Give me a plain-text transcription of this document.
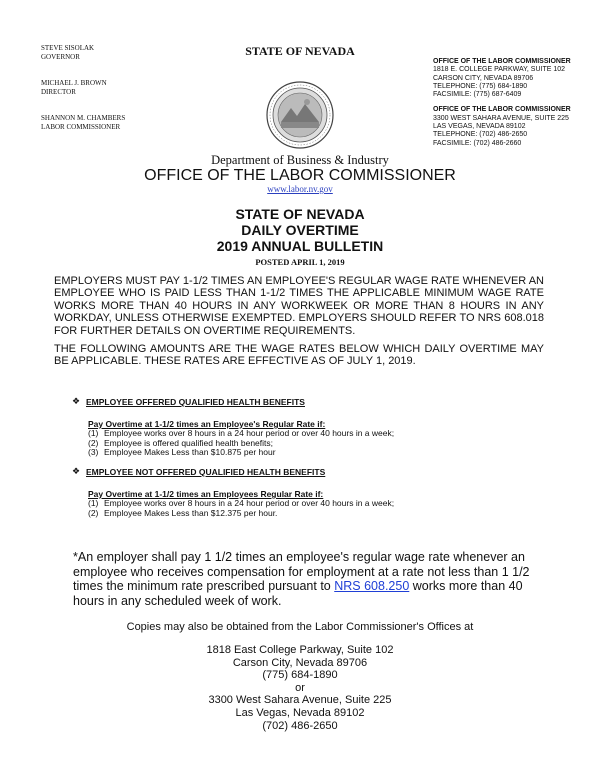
STEVE SISOLAK
GOVERNOR
MICHAEL J. BROWN
DIRECTOR
SHANNON M. CHAMBERS
LABOR COMMISSIONER
STATE OF NEVADA
OFFICE OF THE LABOR COMMISSIONER
1818 E. COLLEGE PARKWAY, SUITE 102
CARSON CITY, NEVADA 89706
TELEPHONE: (775) 684-1890
FACSIMILE: (775) 687-6409
OFFICE OF THE LABOR COMMISSIONER
3300 WEST SAHARA AVENUE, SUITE 225
LAS VEGAS, NEVADA 89102
TELEPHONE: (702) 486-2650
FACSIMILE: (702) 486-2660
Department of Business & Industry
OFFICE OF THE LABOR COMMISSIONER
www.labor.nv.gov
STATE OF NEVADA
DAILY OVERTIME
2019 ANNUAL BULLETIN
POSTED APRIL 1, 2019
EMPLOYERS MUST PAY 1-1/2 TIMES AN EMPLOYEE'S REGULAR WAGE RATE WHENEVER AN EMPLOYEE WHO IS PAID LESS THAN 1-1/2 TIMES THE APPLICABLE MINIMUM WAGE RATE WORKS MORE THAN 40 HOURS IN ANY WORKWEEK OR MORE THAN 8 HOURS IN ANY WORKDAY, UNLESS OTHERWISE EXEMPTED. EMPLOYERS SHOULD REFER TO NRS 608.018 FOR FURTHER DETAILS ON OVERTIME REQUIREMENTS.
THE FOLLOWING AMOUNTS ARE THE WAGE RATES BELOW WHICH DAILY OVERTIME MAY BE APPLICABLE. THESE RATES ARE EFFECTIVE AS OF JULY 1, 2019.
❖ EMPLOYEE OFFERED QUALIFIED HEALTH BENEFITS
Pay Overtime at 1-1/2 times an Employee's Regular Rate if:
(1) Employee works over 8 hours in a 24 hour period or over 40 hours in a week;
(2) Employee is offered qualified health benefits;
(3) Employee Makes Less than $10.875 per hour
❖ EMPLOYEE NOT OFFERED QUALIFIED HEALTH BENEFITS
Pay Overtime at 1-1/2 times an Employees Regular Rate if:
(1) Employee works over 8 hours in a 24 hour period or over 40 hours in a week;
(2) Employee Makes Less than $12.375 per hour.
*An employer shall pay 1 1/2 times an employee's regular wage rate whenever an employee who receives compensation for employment at a rate not less than 1 1/2 times the minimum rate prescribed pursuant to NRS 608.250 works more than 40 hours in any scheduled week of work.
Copies may also be obtained from the Labor Commissioner's Offices at
1818 East College Parkway, Suite 102
Carson City, Nevada 89706
(775) 684-1890
or
3300 West Sahara Avenue, Suite 225
Las Vegas, Nevada 89102
(702) 486-2650
